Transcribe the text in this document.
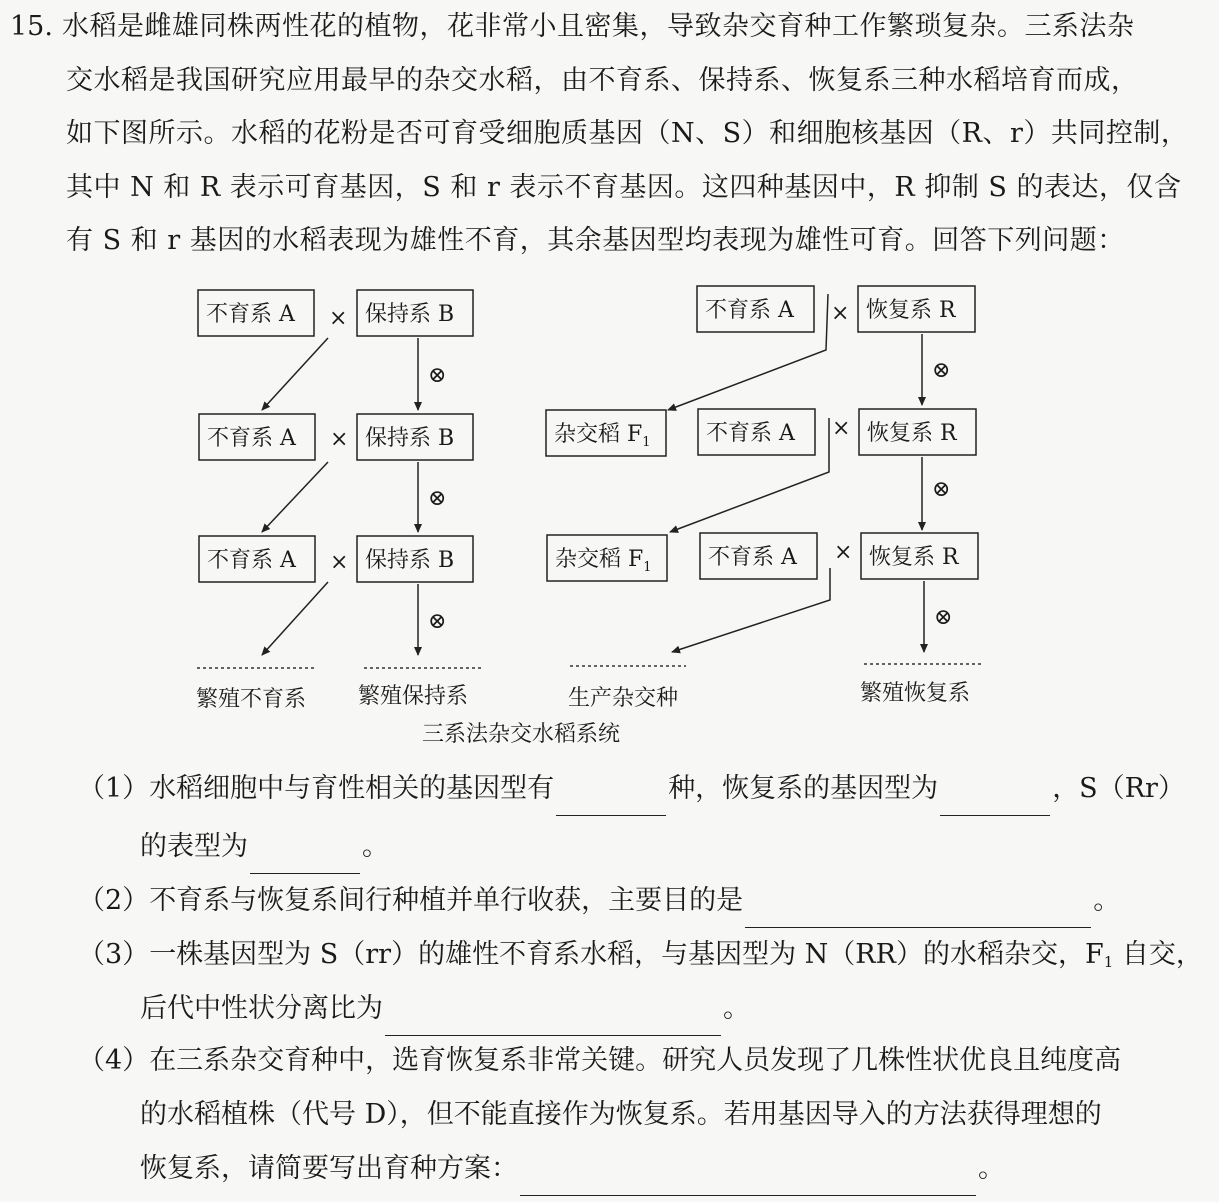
15. 水稻是雌雄同株两性花的植物，花非常小且密集，导致杂交育种工作繁琐复杂。三系法杂
交水稻是我国研究应用最早的杂交水稻，由不育系、保持系、恢复系三种水稻培育而成，
如下图所示。水稻的花粉是否可育受细胞质基因（N、S）和细胞核基因（R、r）共同控制，
其中 N 和 R 表示可育基因，S 和 r 表示不育基因。这四种基因中，R 抑制 S 的表达，仅含
有 S 和 r 基因的水稻表现为雄性不育，其余基因型均表现为雄性可育。回答下列问题：
不育系 A	保持系 B
不育系 A	保持系 B
不育系 A	保持系 B
不育系 A	恢复系 R
杂交稻 $F_1$	不育系 A	恢复系 R
杂交稻 $F_1$	不育系 A	恢复系 R
×
×
×
×
×
×
⊗
⊗
⊗
⊗
⊗
⊗
繁殖不育系 繁殖保持系	生产杂交种	繁殖恢复系
三系法杂交水稻系统
（1）水稻细胞中与育性相关的基因型有	种，恢复系的基因型为	，S（Rr）
的表型为	。
（2）不育系与恢复系间行种植并单行收获，主要目的是	。
（3）一株基因型为 S（rr）的雄性不育系水稻，与基因型为 N（RR）的水稻杂交，$F_1$ 自交，
后代中性状分离比为	。
（4）在三系杂交育种中，选育恢复系非常关键。研究人员发现了几株性状优良且纯度高
的水稻植株（代号 D），但不能直接作为恢复系。若用基因导入的方法获得理想的
恢复系，请简要写出育种方案：	。
